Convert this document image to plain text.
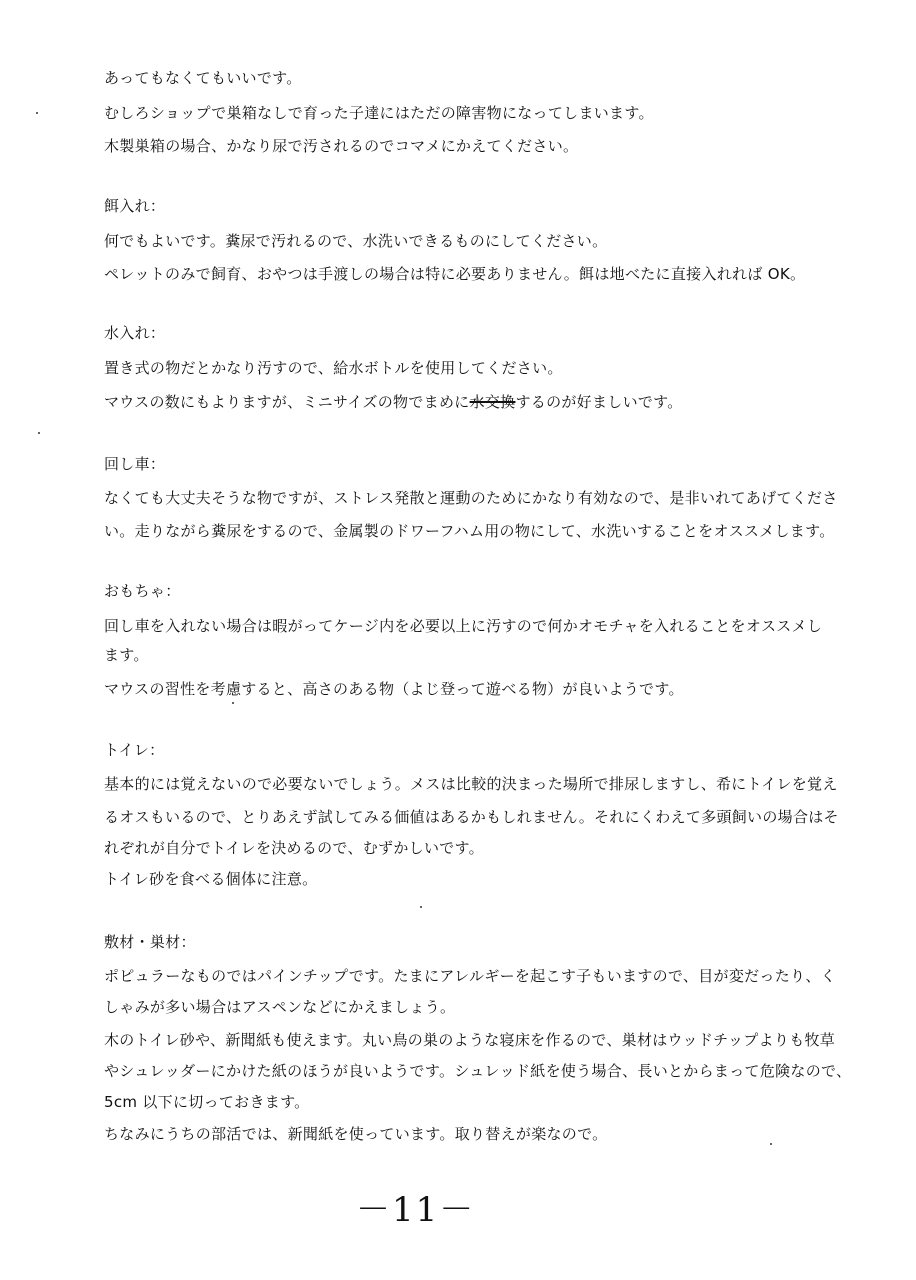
あってもなくてもいいです。
むしろショップで巣箱なしで育った子達にはただの障害物になってしまいます。
木製巣箱の場合、かなり尿で汚されるのでコマメにかえてください。
餌入れ：
何でもよいです。糞尿で汚れるので、水洗いできるものにしてください。
ペレットのみで飼育、おやつは手渡しの場合は特に必要ありません。餌は地べたに直接入れれば OK。
水入れ：
置き式の物だとかなり汚すので、給水ボトルを使用してください。
マウスの数にもよりますが、ミニサイズの物でまめに水交換するのが好ましいです。
回し車：
なくても大丈夫そうな物ですが、ストレス発散と運動のためにかなり有効なので、是非いれてあげてくださ
い。走りながら糞尿をするので、金属製のドワーフハム用の物にして、水洗いすることをオススメします。
おもちゃ：
回し車を入れない場合は暇がってケージ内を必要以上に汚すので何かオモチャを入れることをオススメし
ます。
マウスの習性を考慮すると、高さのある物（よじ登って遊べる物）が良いようです。
トイレ：
基本的には覚えないので必要ないでしょう。メスは比較的決まった場所で排尿しますし、希にトイレを覚え
るオスもいるので、とりあえず試してみる価値はあるかもしれません。それにくわえて多頭飼いの場合はそ
れぞれが自分でトイレを決めるので、むずかしいです。
トイレ砂を食べる個体に注意。
敷材・巣材：
ポピュラーなものではパインチップです。たまにアレルギーを起こす子もいますので、目が変だったり、く
しゃみが多い場合はアスペンなどにかえましょう。
木のトイレ砂や、新聞紙も使えます。丸い鳥の巣のような寝床を作るので、巣材はウッドチップよりも牧草
やシュレッダーにかけた紙のほうが良いようです。シュレッド紙を使う場合、長いとからまって危険なので、
5cm 以下に切っておきます。
ちなみにうちの部活では、新聞紙を使っています。取り替えが楽なので。
－11－
